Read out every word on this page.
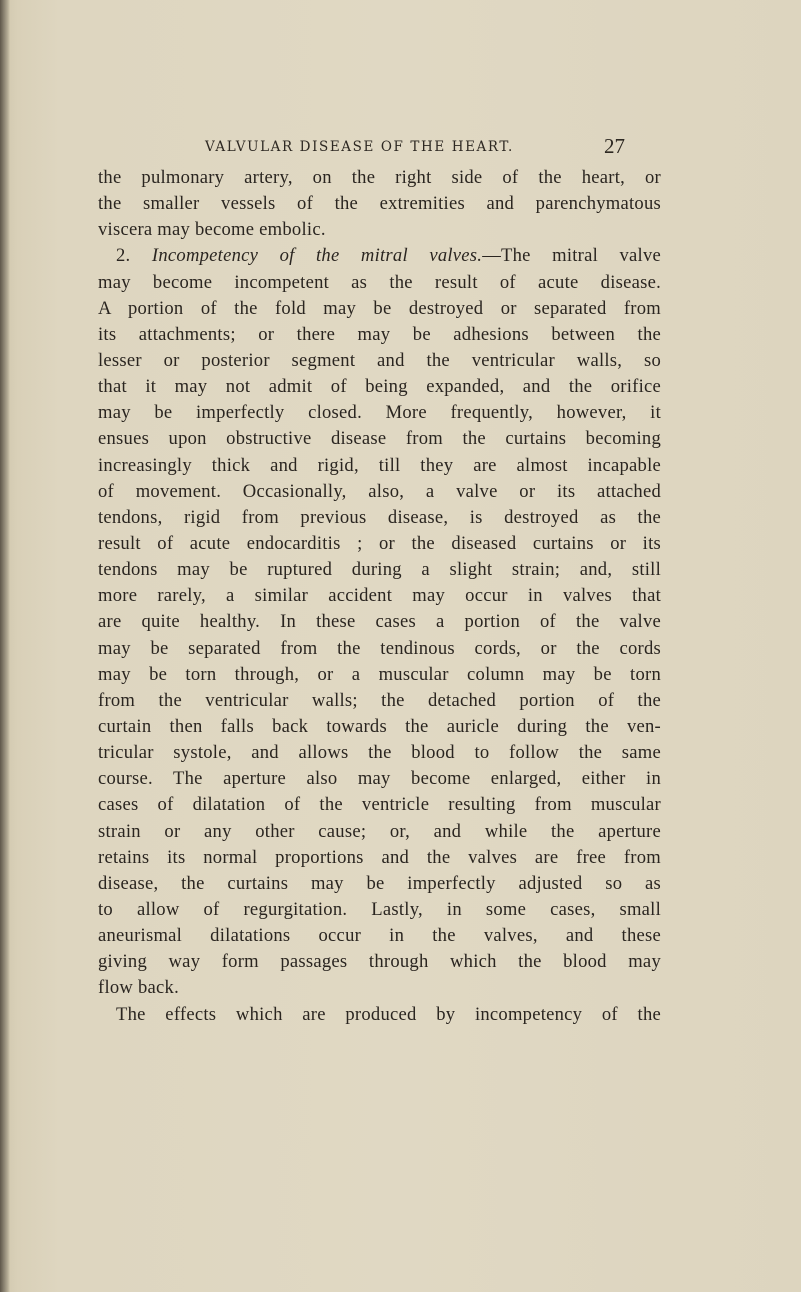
VALVULAR DISEASE OF THE HEART.	27
the pulmonary artery, on the right side of the heart, or
the smaller vessels of the extremities and parenchymatous
viscera may become embolic.
2. Incompetency of the mitral valves.—The mitral valve
may become incompetent as the result of acute disease.
A portion of the fold may be destroyed or separated from
its attachments; or there may be adhesions between the
lesser or posterior segment and the ventricular walls, so
that it may not admit of being expanded, and the orifice
may be imperfectly closed. More frequently, however, it
ensues upon obstructive disease from the curtains becoming
increasingly thick and rigid, till they are almost incapable
of movement. Occasionally, also, a valve or its attached
tendons, rigid from previous disease, is destroyed as the
result of acute endocarditis ; or the diseased curtains or its
tendons may be ruptured during a slight strain; and, still
more rarely, a similar accident may occur in valves that
are quite healthy. In these cases a portion of the valve
may be separated from the tendinous cords, or the cords
may be torn through, or a muscular column may be torn
from the ventricular walls; the detached portion of the
curtain then falls back towards the auricle during the ven-
tricular systole, and allows the blood to follow the same
course. The aperture also may become enlarged, either in
cases of dilatation of the ventricle resulting from muscular
strain or any other cause; or, and while the aperture
retains its normal proportions and the valves are free from
disease, the curtains may be imperfectly adjusted so as
to allow of regurgitation. Lastly, in some cases, small
aneurismal dilatations occur in the valves, and these
giving way form passages through which the blood may
flow back.
The effects which are produced by incompetency of the
